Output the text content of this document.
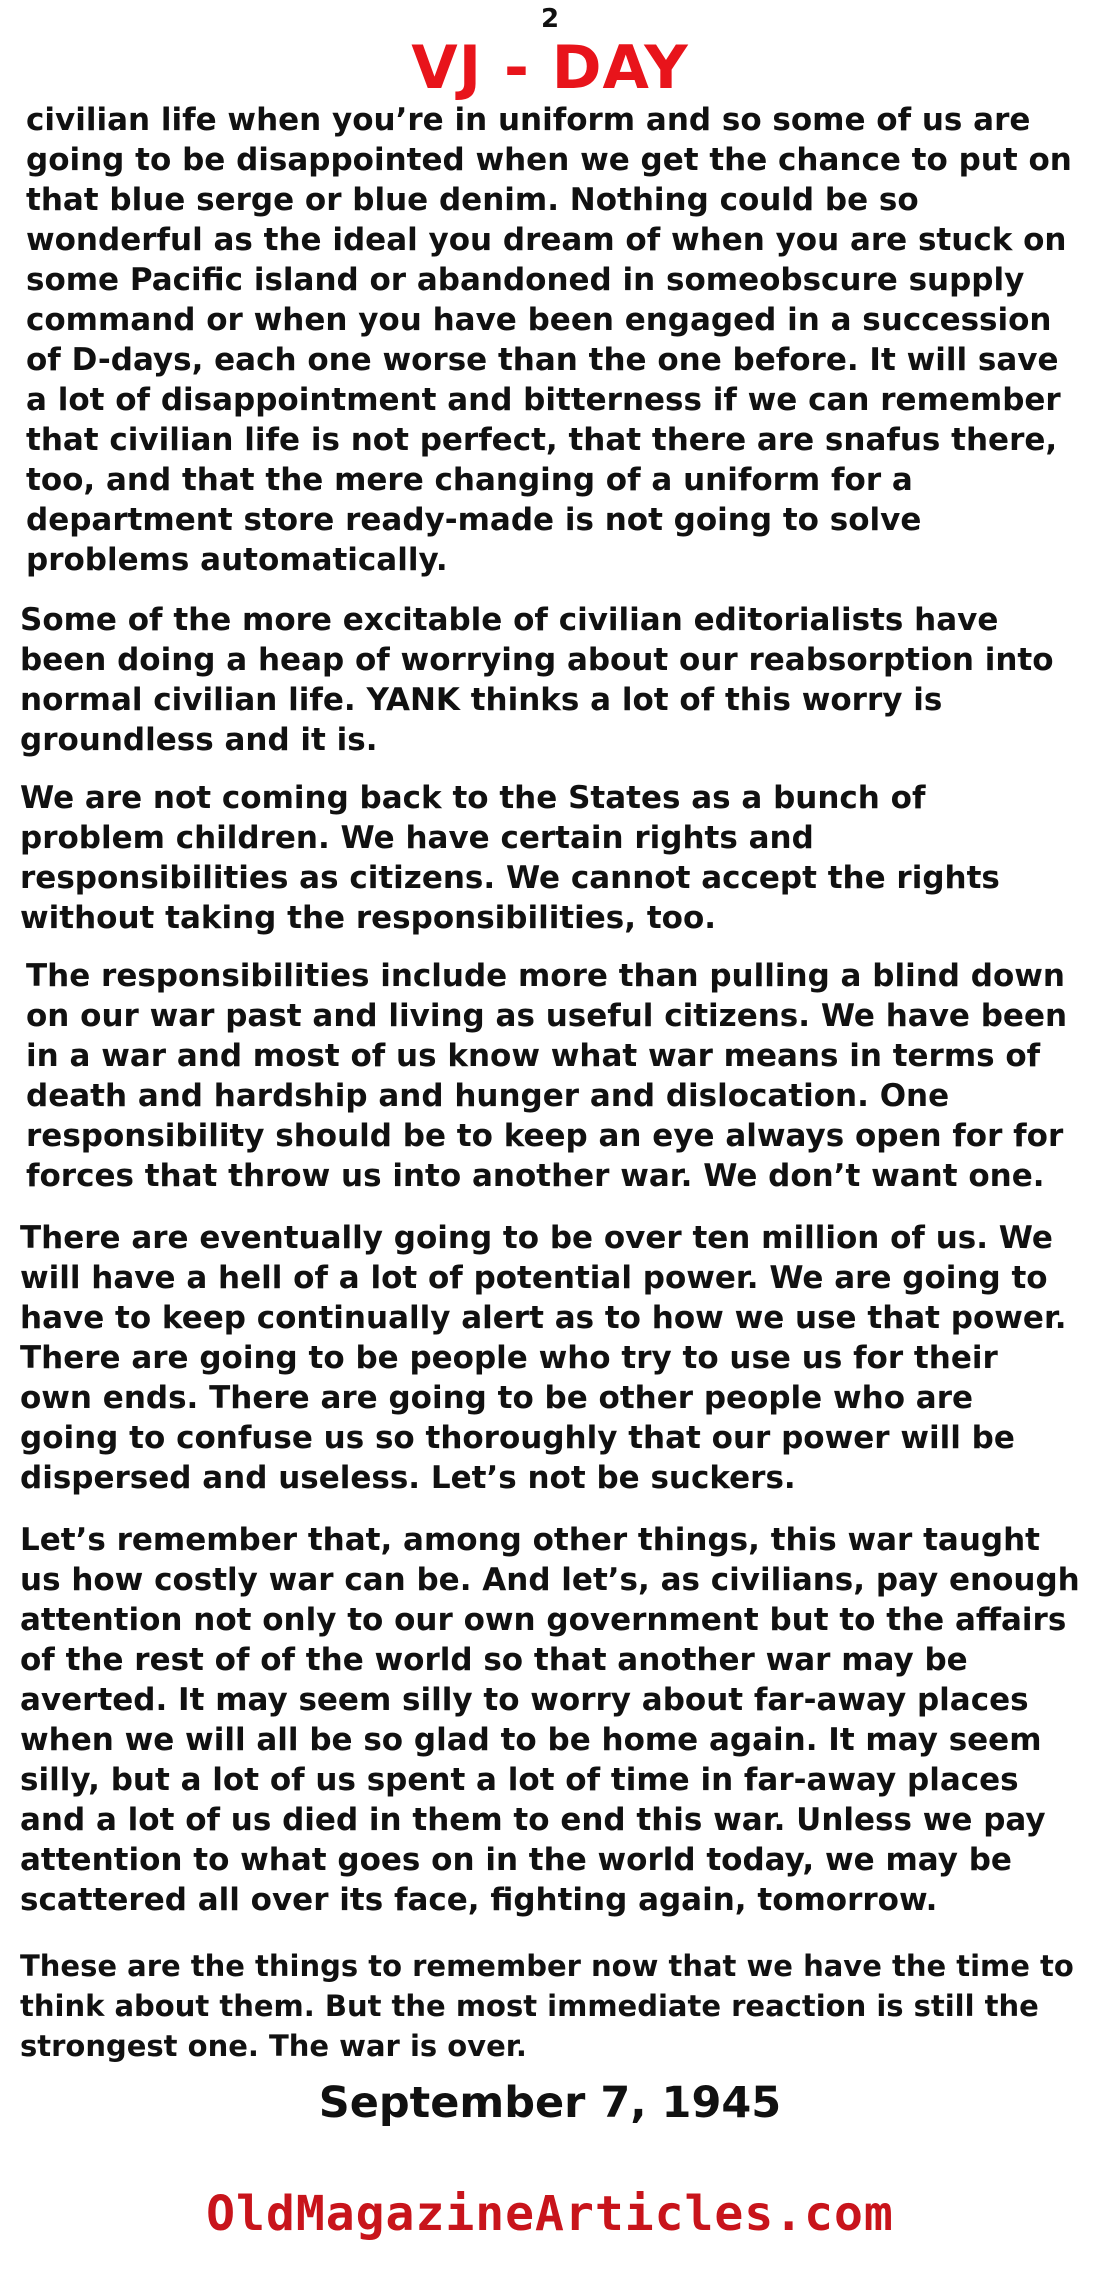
2
VJ - DAY

civilian life when you’re in uniform and so some of us are going to be disappointed when we get the chance to put on that blue serge or blue denim. Nothing could be so wonderful as the ideal you dream of when you are stuck on some Pacific island or abandoned in someobscure supply command or when you have been engaged in a succession of D-days, each one worse than the one before. It will save a lot of disappointment and bitterness if we can remember that civilian life is not perfect, that there are snafus there, too, and that the mere changing of a uniform for a department store ready-made is not going to solve problems automatically.

Some of the more excitable of civilian editorialists have been doing a heap of worrying about our reabsorption into normal civilian life. YANK thinks a lot of this worry is groundless and it is.

We are not coming back to the States as a bunch of problem children. We have certain rights and responsibilities as citizens. We cannot accept the rights without taking the responsibilities, too.

The responsibilities include more than pulling a blind down on our war past and living as useful citizens. We have been in a war and most of us know what war means in terms of death and hardship and hunger and dislocation. One responsibility should be to keep an eye always open for for forces that throw us into another war. We don’t want one.

There are eventually going to be over ten million of us. We will have a hell of a lot of potential power. We are going to have to keep continually alert as to how we use that power. There are going to be people who try to use us for their own ends. There are going to be other people who are going to confuse us so thoroughly that our power will be dispersed and useless. Let’s not be suckers.

Let’s remember that, among other things, this war taught us how costly war can be. And let’s, as civilians, pay enough attention not only to our own government but to the affairs of the rest of of the world so that another war may be averted. It may seem silly to worry about far-away places when we will all be so glad to be home again. It may seem silly, but a lot of us spent a lot of time in far-away places and a lot of us died in them to end this war. Unless we pay attention to what goes on in the world today, we may be scattered all over its face, fighting again, tomorrow.

These are the things to remember now that we have the time to think about them. But the most immediate reaction is still the strongest one. The war is over.

September 7, 1945
OldMagazineArticles.com
